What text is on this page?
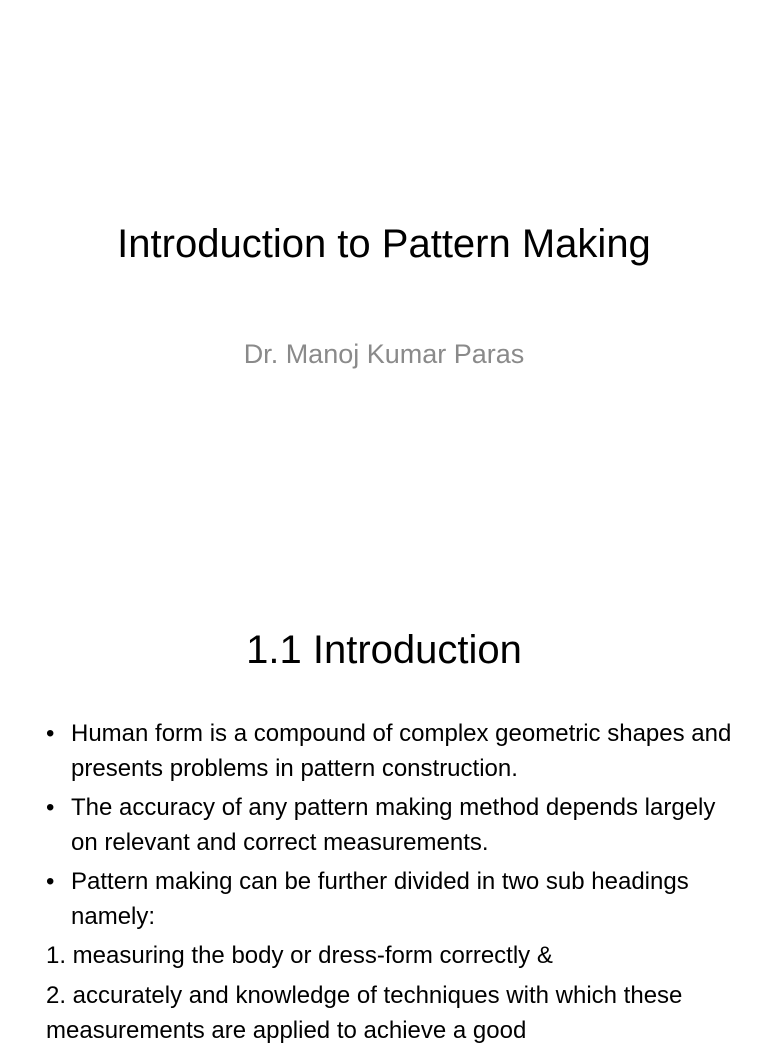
Introduction to Pattern Making
Dr. Manoj Kumar Paras
1.1 Introduction
• Human form is a compound of complex geometric shapes and presents problems in pattern construction.
• The accuracy of any pattern making method depends largely on relevant and correct measurements.
• Pattern making can be further divided in two sub headings namely:
1. measuring the body or dress-form correctly &
2. accurately and knowledge of techniques with which these measurements are applied to achieve a good
